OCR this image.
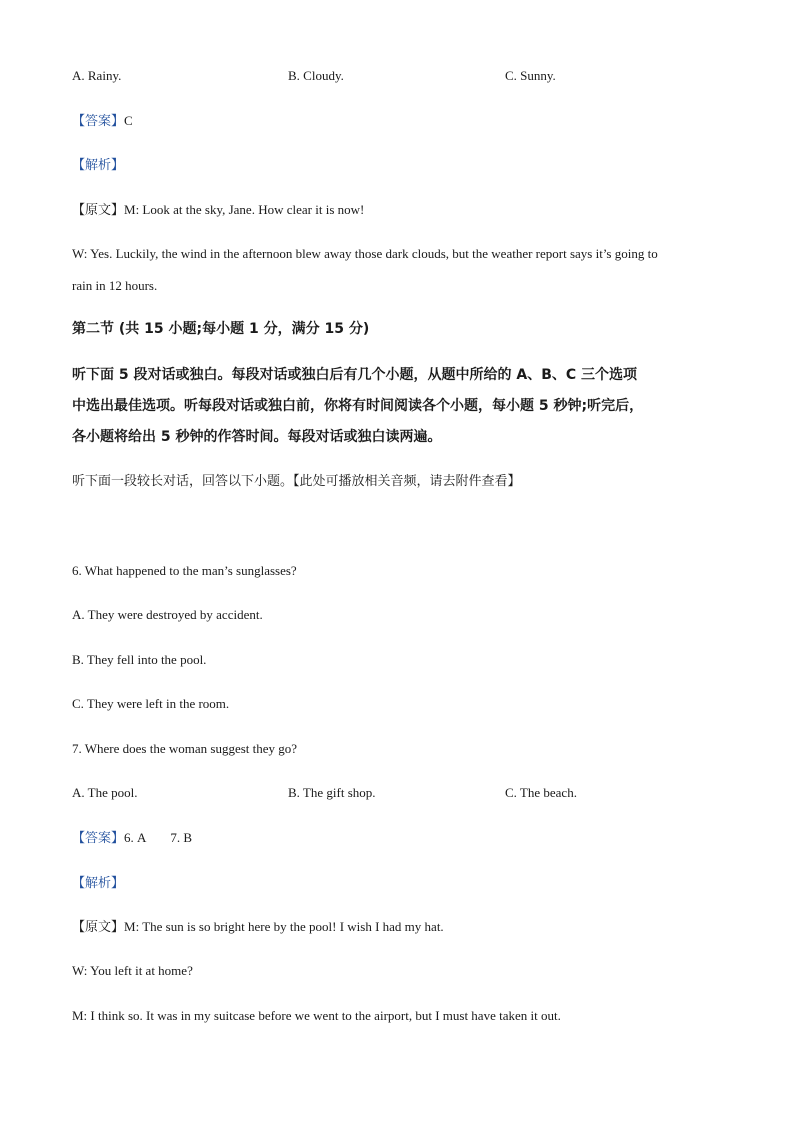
A. Rainy.	B. Cloudy.	C. Sunny.
【答案】C
【解析】
【原文】M: Look at the sky, Jane. How clear it is now!
W: Yes. Luckily, the wind in the afternoon blew away those dark clouds, but the weather report says it’s going to
rain in 12 hours.
第二节 (共 15 小题;每小题 1 分，满分 15 分)
听下面 5 段对话或独白。每段对话或独白后有几个小题，从题中所给的 A、B、C 三个选项
中选出最佳选项。听每段对话或独白前，你将有时间阅读各个小题，每小题 5 秒钟;听完后，
各小题将给出 5 秒钟的作答时间。每段对话或独白读两遍。
听下面一段较长对话，回答以下小题。【此处可播放相关音频，请去附件查看】
6. What happened to the man’s sunglasses?
A. They were destroyed by accident.
B. They fell into the pool.
C. They were left in the room.
7. Where does the woman suggest they go?
A. The pool.	B. The gift shop.	C. The beach.
【答案】6. A 7. B
【解析】
【原文】M: The sun is so bright here by the pool! I wish I had my hat.
W: You left it at home?
M: I think so. It was in my suitcase before we went to the airport, but I must have taken it out.
